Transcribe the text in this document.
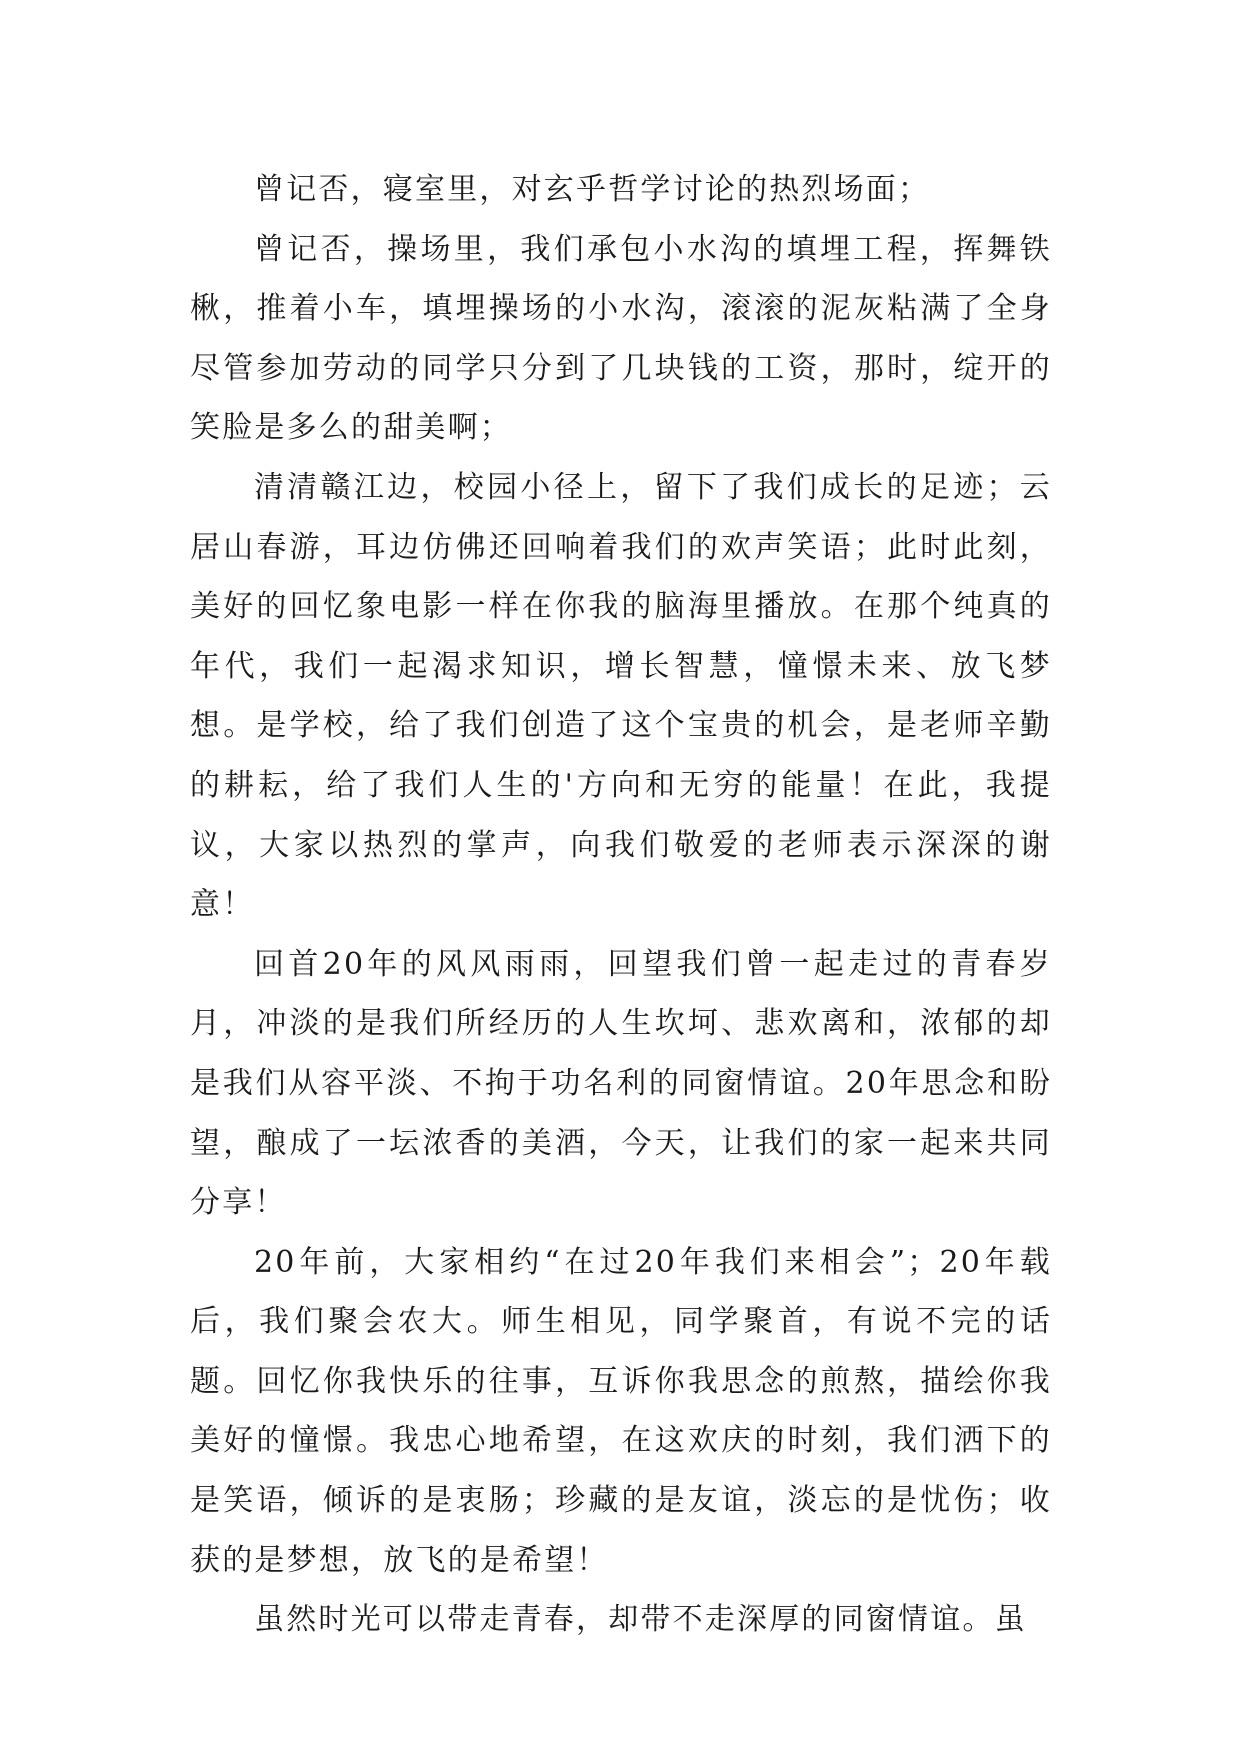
曾记否，寝室里，对玄乎哲学讨论的热烈场面；

曾记否，操场里，我们承包小水沟的填埋工程，挥舞铁楸，推着小车，填埋操场的小水沟，滚滚的泥灰粘满了全身尽管参加劳动的同学只分到了几块钱的工资，那时，绽开的笑脸是多么的甜美啊；

清清赣江边，校园小径上，留下了我们成长的足迹；云居山春游，耳边仿佛还回响着我们的欢声笑语；此时此刻，美好的回忆象电影一样在你我的脑海里播放。在那个纯真的年代，我们一起渴求知识，增长智慧，憧憬未来、放飞梦想。是学校，给了我们创造了这个宝贵的机会，是老师辛勤的耕耘，给了我们人生的'方向和无穷的能量！在此，我提议，大家以热烈的掌声，向我们敬爱的老师表示深深的谢意！

回首20年的风风雨雨，回望我们曾一起走过的青春岁月，冲淡的是我们所经历的人生坎坷、悲欢离和，浓郁的却是我们从容平淡、不拘于功名利的同窗情谊。20年思念和盼望，酿成了一坛浓香的美酒，今天，让我们的家一起来共同分享！

20年前，大家相约“在过20年我们来相会”；20年载后，我们聚会农大。师生相见，同学聚首，有说不完的话题。回忆你我快乐的往事，互诉你我思念的煎熬，描绘你我美好的憧憬。我忠心地希望，在这欢庆的时刻，我们洒下的是笑语，倾诉的是衷肠；珍藏的是友谊，淡忘的是忧伤；收获的是梦想，放飞的是希望！

虽然时光可以带走青春，却带不走深厚的同窗情谊。虽
